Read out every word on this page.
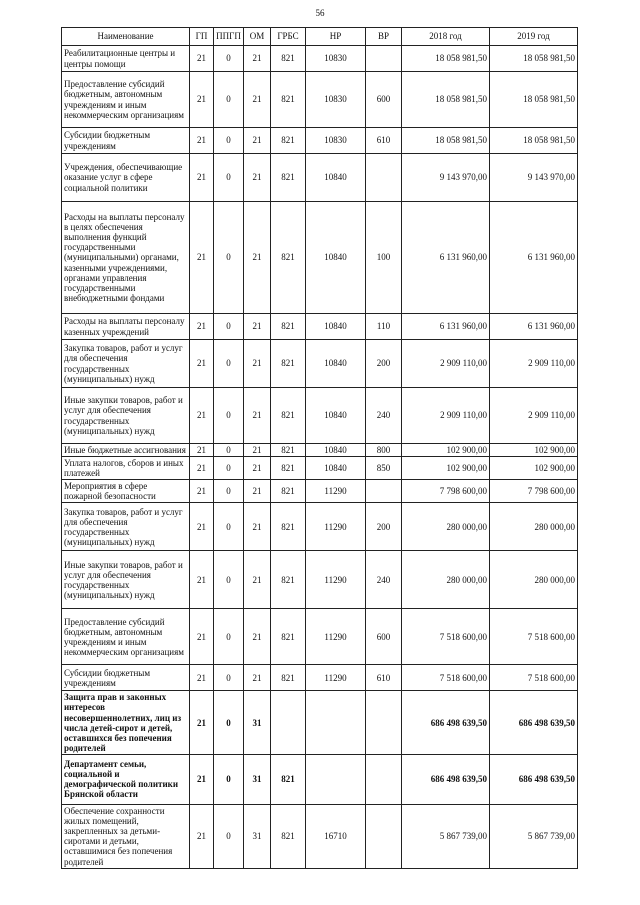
56
Наименование	ГП	ППГП	ОМ	ГРБС	НР	ВР	2018 год	2019 год
Реабилитационные центры и центры помощи	21	0	21	821	10830		18 058 981,50	18 058 981,50
Предоставление субсидий бюджетным, автономным учреждениям и иным некоммерческим организациям	21	0	21	821	10830	600	18 058 981,50	18 058 981,50
Субсидии бюджетным учреждениям	21	0	21	821	10830	610	18 058 981,50	18 058 981,50
Учреждения, обеспечивающие оказание услуг в сфере социальной политики	21	0	21	821	10840		9 143 970,00	9 143 970,00
Расходы на выплаты персоналу в целях обеспечения выполнения функций государственными (муниципальными) органами, казенными учреждениями, органами управления государственными внебюджетными фондами	21	0	21	821	10840	100	6 131 960,00	6 131 960,00
Расходы на выплаты персоналу казенных учреждений	21	0	21	821	10840	110	6 131 960,00	6 131 960,00
Закупка товаров, работ и услуг для обеспечения государственных (муниципальных) нужд	21	0	21	821	10840	200	2 909 110,00	2 909 110,00
Иные закупки товаров, работ и услуг для обеспечения государственных (муниципальных) нужд	21	0	21	821	10840	240	2 909 110,00	2 909 110,00
Иные бюджетные ассигнования	21	0	21	821	10840	800	102 900,00	102 900,00
Уплата налогов, сборов и иных платежей	21	0	21	821	10840	850	102 900,00	102 900,00
Мероприятия в сфере пожарной безопасности	21	0	21	821	11290		7 798 600,00	7 798 600,00
Закупка товаров, работ и услуг для обеспечения государственных (муниципальных) нужд	21	0	21	821	11290	200	280 000,00	280 000,00
Иные закупки товаров, работ и услуг для обеспечения государственных (муниципальных) нужд	21	0	21	821	11290	240	280 000,00	280 000,00
Предоставление субсидий бюджетным, автономным учреждениям и иным некоммерческим организациям	21	0	21	821	11290	600	7 518 600,00	7 518 600,00
Субсидии бюджетным учреждениям	21	0	21	821	11290	610	7 518 600,00	7 518 600,00
Защита прав и законных интересов несовершеннолетних, лиц из числа детей-сирот и детей, оставшихся без попечения родителей	21	0	31				686 498 639,50	686 498 639,50
Департамент семьи, социальной и демографической политики Брянской области	21	0	31	821			686 498 639,50	686 498 639,50
Обеспечение сохранности жилых помещений, закрепленных за детьми-сиротами и детьми, оставшимися без попечения родителей	21	0	31	821	16710		5 867 739,00	5 867 739,00
